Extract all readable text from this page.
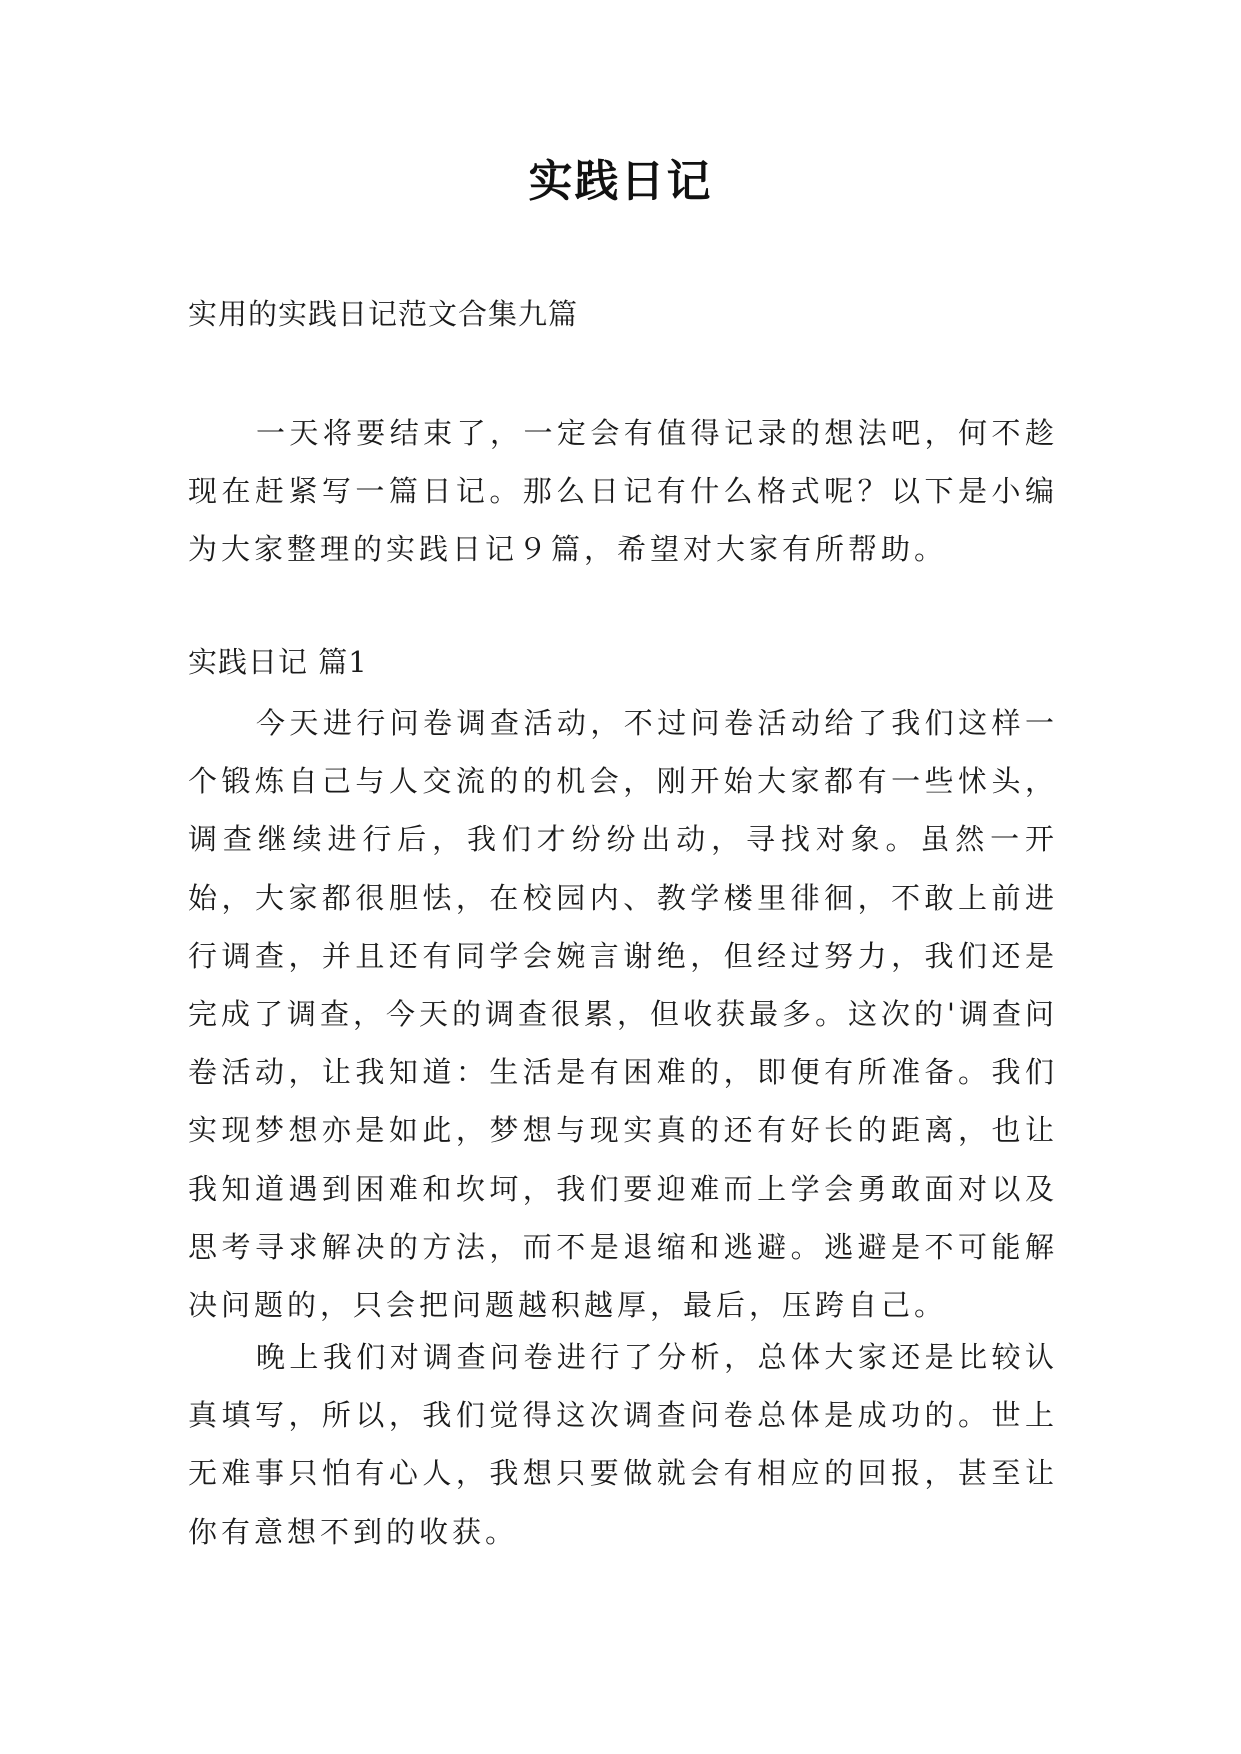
实践日记

实用的实践日记范文合集九篇

一天将要结束了，一定会有值得记录的想法吧，何不趁现在赶紧写一篇日记。那么日记有什么格式呢？以下是小编为大家整理的实践日记９篇，希望对大家有所帮助。

实践日记 篇1

今天进行问卷调查活动，不过问卷活动给了我们这样一个锻炼自己与人交流的的机会，刚开始大家都有一些怵头，调查继续进行后，我们才纷纷出动，寻找对象。虽然一开始，大家都很胆怯，在校园内、教学楼里徘徊，不敢上前进行调查，并且还有同学会婉言谢绝，但经过努力，我们还是完成了调查，今天的调查很累，但收获最多。这次的'调查问卷活动，让我知道：生活是有困难的，即便有所准备。我们实现梦想亦是如此，梦想与现实真的还有好长的距离，也让我知道遇到困难和坎坷，我们要迎难而上学会勇敢面对以及思考寻求解决的方法，而不是退缩和逃避。逃避是不可能解决问题的，只会把问题越积越厚，最后，压跨自己。

晚上我们对调查问卷进行了分析，总体大家还是比较认真填写，所以，我们觉得这次调查问卷总体是成功的。世上无难事只怕有心人，我想只要做就会有相应的回报，甚至让你有意想不到的收获。
